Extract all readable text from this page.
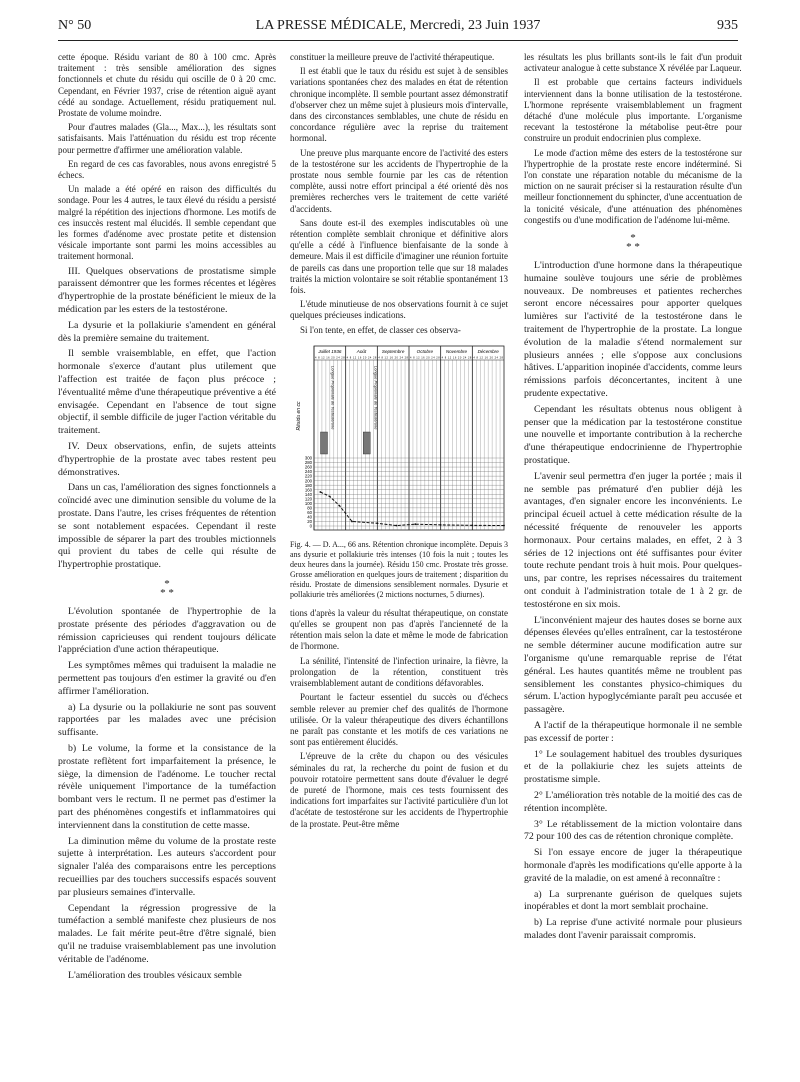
N° 50	LA PRESSE MÉDICALE, Mercredi, 23 Juin 1937	935

cette époque. Résidu variant de 80 à 100 cmc. Après traitement : très sensible amélioration des signes fonctionnels et chute du résidu qui oscille de 0 à 20 cmc. Cependant, en Février 1937, crise de rétention aiguë ayant cédé au sondage. Actuellement, résidu pratiquement nul. Prostate de volume moindre.

Pour d'autres malades (Gla..., Max...), les résultats sont satisfaisants. Mais l'atténuation du résidu est trop récente pour permettre d'affirmer une amélioration valable.

En regard de ces cas favorables, nous avons enregistré 5 échecs.

Un malade a été opéré en raison des difficultés du sondage. Pour les 4 autres, le taux élevé du résidu a persisté malgré la répétition des injections d'hormone. Les motifs de ces insuccès restent mal élucidés. Il semble cependant que les formes d'adénome avec prostate petite et distension vésicale importante sont parmi les moins accessibles au traitement hormonal.

III. Quelques observations de prostatisme simple paraissent démontrer que les formes récentes et légères d'hypertrophie de la prostate bénéficient le mieux de la médication par les esters de la testostérone.

La dysurie et la pollakiurie s'amendent en général dès la première semaine du traitement.

Il semble vraisemblable, en effet, que l'action hormonale s'exerce d'autant plus utilement que l'affection est traitée de façon plus précoce ; l'éventualité même d'une thérapeutique préventive a été envisagée. Cependant en l'absence de tout signe objectif, il semble difficile de juger l'action véritable du traitement.

IV. Deux observations, enfin, de sujets atteints d'hypertrophie de la prostate avec tabes restent peu démonstratives.

Dans un cas, l'amélioration des signes fonctionnels a coïncidé avec une diminution sensible du volume de la prostate. Dans l'autre, les crises fréquentes de rétention se sont notablement espacées. Cependant il reste impossible de séparer la part des troubles mictionnels qui provient du tabes de celle qui résulte de l'hypertrophie prostatique.

*
* *

L'évolution spontanée de l'hypertrophie de la prostate présente des périodes d'aggravation ou de rémission capricieuses qui rendent toujours délicate l'appréciation d'une action thérapeutique.

Les symptômes mêmes qui traduisent la maladie ne permettent pas toujours d'en estimer la gravité ou d'en affirmer l'amélioration.

a) La dysurie ou la pollakiurie ne sont pas souvent rapportées par les malades avec une précision suffisante.

b) Le volume, la forme et la consistance de la prostate reflètent fort imparfaitement la présence, le siège, la dimension de l'adénome. Le toucher rectal révèle uniquement l'importance de la tuméfaction bombant vers le rectum. Il ne permet pas d'estimer la part des phénomènes congestifs et inflammatoires qui interviennent dans la constitution de cette masse.

La diminution même du volume de la prostate reste sujette à interprétation. Les auteurs s'accordent pour signaler l'aléa des comparaisons entre les perceptions recueillies par des touchers successifs espacés souvent par plusieurs semaines d'intervalle.

Cependant la régression progressive de la tuméfaction a semblé manifeste chez plusieurs de nos malades. Le fait mérite peut-être d'être signalé, bien qu'il ne traduise vraisemblablement pas une involution véritable de l'adénome.

L'amélioration des troubles vésicaux semble

constituer la meilleure preuve de l'activité thérapeutique.

Il est établi que le taux du résidu est sujet à de sensibles variations spontanées chez des malades en état de rétention chronique incomplète. Il semble pourtant assez démonstratif d'observer chez un même sujet à plusieurs mois d'intervalle, dans des circonstances semblables, une chute de résidu en concordance régulière avec la reprise du traitement hormonal.

Une preuve plus marquante encore de l'activité des esters de la testostérone sur les accidents de l'hypertrophie de la prostate nous semble fournie par les cas de rétention complète, aussi notre effort principal a été orienté dès nos premières recherches vers le traitement de cette variété d'accidents.

Sans doute est-il des exemples indiscutables où une rétention complète semblait chronique et définitive alors qu'elle a cédé à l'influence bienfaisante de la sonde à demeure. Mais il est difficile d'imaginer une réunion fortuite de pareils cas dans une proportion telle que sur 18 malades traités la miction volontaire se soit rétablie spontanément 13 fois.

L'étude minutieuse de nos observations fournit à ce sujet quelques précieuses indications.

Si l'on tente, en effet, de classer ces observa-

Juillet 1936
4 8 12 16 20 24 28
Août
4 8 12 16 20 24 28
Septembre
4 8 12 16 20 24 28
Octobre
4 8 12 16 20 24 28
Novembre
4 8 12 16 20 24 28
Décembre
4 8 12 16 20 24 28
0
20
40
60
80
100
120
140
160
180
200
220
240
260
280
300
Résidu en cc	Longue Propionate de Testostérone	Longue Propionate de Testostérone
Fig. 4. — D. A..., 66 ans. Rétention chronique incomplète. Depuis 3 ans dysurie et pollakiurie très intenses (10 fois la nuit ; toutes les deux heures dans la journée). Résidu 150 cmc. Prostate très grosse. Grosse amélioration en quelques jours de traitement ; disparition du résidu. Prostate de dimensions sensiblement normales. Dysurie et pollakiurie très améliorées (2 mictions nocturnes, 5 diurnes).

tions d'après la valeur du résultat thérapeutique, on constate qu'elles se groupent non pas d'après l'ancienneté de la rétention mais selon la date et même le mode de fabrication de l'hormone.

La sénilité, l'intensité de l'infection urinaire, la fièvre, la prolongation de la rétention, constituent très vraisemblablement autant de conditions défavorables.

Pourtant le facteur essentiel du succès ou d'échecs semble relever au premier chef des qualités de l'hormone utilisée. Or la valeur thérapeutique des divers échantillons ne paraît pas constante et les motifs de ces variations ne sont pas entièrement élucidés.

L'épreuve de la crête du chapon ou des vésicules séminales du rat, la recherche du point de fusion et du pouvoir rotatoire permettent sans doute d'évaluer le degré de pureté de l'hormone, mais ces tests fournissent des indications fort imparfaites sur l'activité particulière d'un lot d'acétate de testostérone sur les accidents de l'hypertrophie de la prostate. Peut-être même

les résultats les plus brillants sont-ils le fait d'un produit activateur analogue à cette substance X révélée par Laqueur.

Il est probable que certains facteurs individuels interviennent dans la bonne utilisation de la testostérone. L'hormone représente vraisemblablement un fragment détaché d'une molécule plus importante. L'organisme recevant la testostérone la métabolise peut-être pour construire un produit endocrinien plus complexe.

Le mode d'action même des esters de la testostérone sur l'hypertrophie de la prostate reste encore indéterminé. Si l'on constate une réparation notable du mécanisme de la miction on ne saurait préciser si la restauration résulte d'un meilleur fonctionnement du sphincter, d'une accentuation de la tonicité vésicale, d'une atténuation des phénomènes congestifs ou d'une modification de l'adénome lui-même.

*
* *

L'introduction d'une hormone dans la thérapeutique humaine soulève toujours une série de problèmes nouveaux. De nombreuses et patientes recherches seront encore nécessaires pour apporter quelques lumières sur l'activité de la testostérone dans le traitement de l'hypertrophie de la prostate. La longue évolution de la maladie s'étend normalement sur plusieurs années ; elle s'oppose aux conclusions hâtives. L'apparition inopinée d'accidents, comme leurs rémissions parfois déconcertantes, incitent à une prudente expectative.

Cependant les résultats obtenus nous obligent à penser que la médication par la testostérone constitue une nouvelle et importante contribution à la recherche d'une thérapeutique endocrinienne de l'hypertrophie prostatique.

L'avenir seul permettra d'en juger la portée ; mais il ne semble pas prématuré d'en publier déjà les avantages, d'en signaler encore les inconvénients. Le principal écueil actuel à cette médication résulte de la nécessité fréquente de renouveler les apports hormonaux. Pour certains malades, en effet, 2 à 3 séries de 12 injections ont été suffisantes pour éviter toute rechute pendant trois à huit mois. Pour quelques-uns, par contre, les reprises nécessaires du traitement ont conduit à l'administration totale de 1 à 2 gr. de testostérone en six mois.

L'inconvénient majeur des hautes doses se borne aux dépenses élevées qu'elles entraînent, car la testostérone ne semble déterminer aucune modification autre sur l'organisme qu'une remarquable reprise de l'état général. Les hautes quantités même ne troublent pas sensiblement les constantes physico-chimiques du sérum. L'action hypoglycémiante paraît peu accusée et passagère.

A l'actif de la thérapeutique hormonale il ne semble pas excessif de porter :

1° Le soulagement habituel des troubles dysuriques et de la pollakiurie chez les sujets atteints de prostatisme simple.

2° L'amélioration très notable de la moitié des cas de rétention incomplète.

3° Le rétablissement de la miction volontaire dans 72 pour 100 des cas de rétention chronique complète.

Si l'on essaye encore de juger la thérapeutique hormonale d'après les modifications qu'elle apporte à la gravité de la maladie, on est amené à reconnaître :

a) La surprenante guérison de quelques sujets inopérables et dont la mort semblait prochaine.

b) La reprise d'une activité normale pour plusieurs malades dont l'avenir paraissait compromis.
